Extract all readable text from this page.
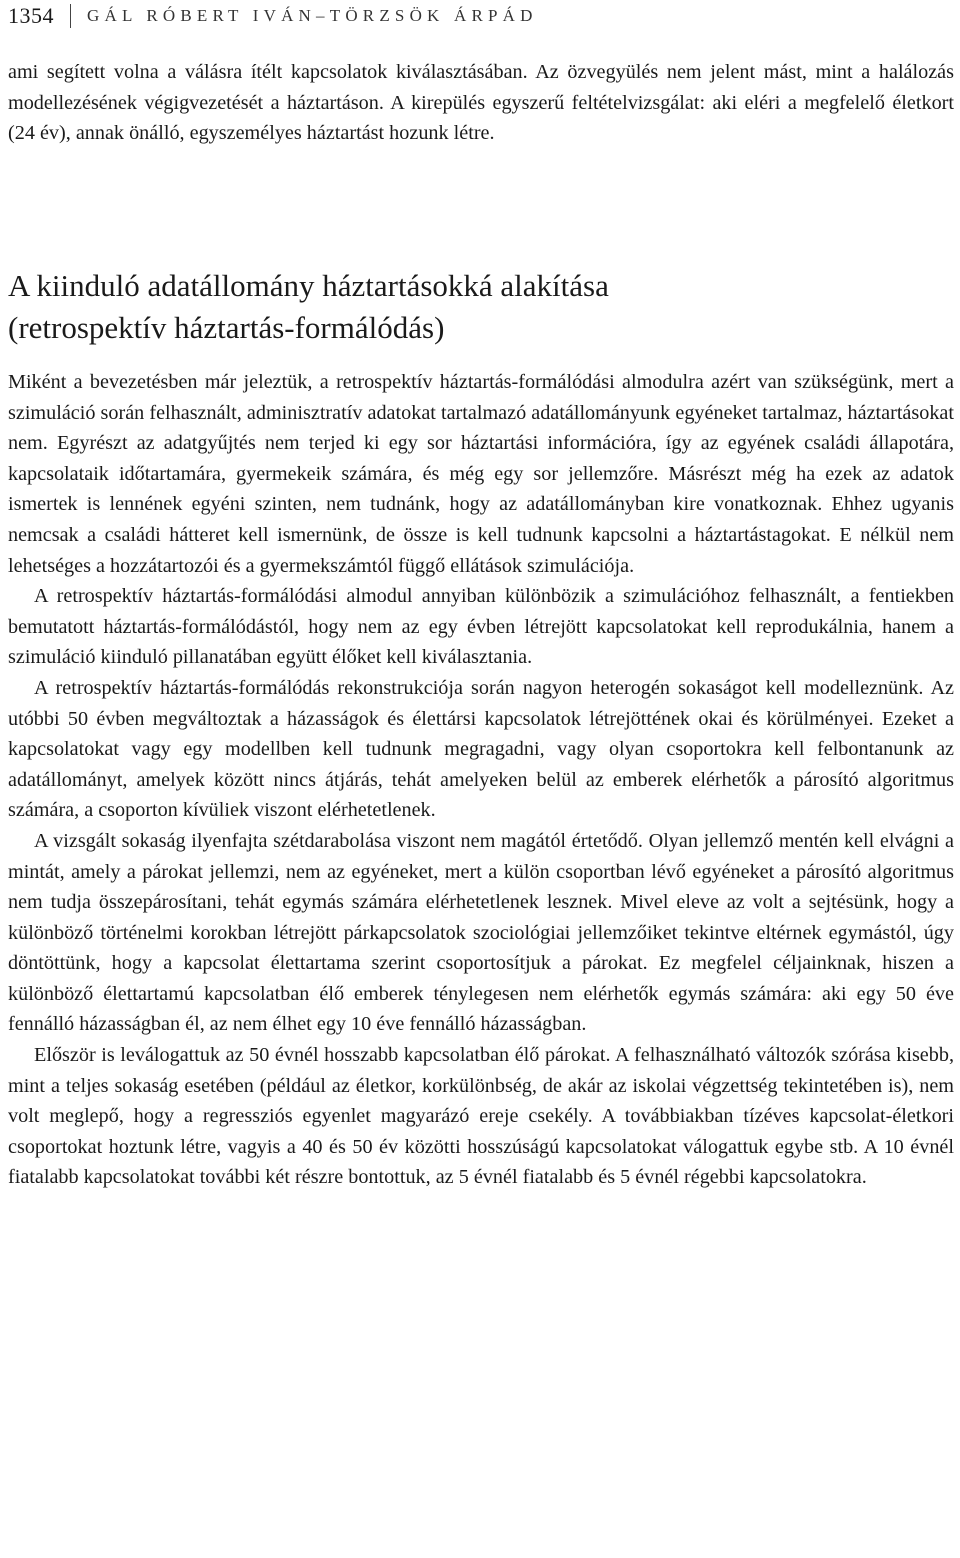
1354 GÁL RÓBERT IVÁN–TÖRZSÖK ÁRPÁD

ami segített volna a válásra ítélt kapcsolatok kiválasztásában. Az özvegyülés nem jelent mást, mint a halálozás modellezésének végigvezetését a háztartáson. A kirepülés egyszerű feltételvizsgálat: aki eléri a megfelelő életkort (24 év), annak önálló, egyszemélyes háztartást hozunk létre.

A kiinduló adatállomány háztartásokká alakítása
(retrospektív háztartás-formálódás)

Miként a bevezetésben már jeleztük, a retrospektív háztartás-formálódási almodulra azért van szükségünk, mert a szimuláció során felhasznált, adminisztratív adatokat tartalmazó adatállományunk egyéneket tartalmaz, háztartásokat nem. Egyrészt az adatgyűjtés nem terjed ki egy sor háztartási információra, így az egyének családi állapotára, kapcsolataik időtartamára, gyermekeik számára, és még egy sor jellemzőre. Másrészt még ha ezek az adatok ismertek is lennének egyéni szinten, nem tudnánk, hogy az adatállományban kire vonatkoznak. Ehhez ugyanis nemcsak a családi hátteret kell ismernünk, de össze is kell tudnunk kapcsolni a háztartástagokat. E nélkül nem lehetséges a hozzátartozói és a gyermekszámtól függő ellátások szimulációja.

A retrospektív háztartás-formálódási almodul annyiban különbözik a szimulációhoz felhasznált, a fentiekben bemutatott háztartás-formálódástól, hogy nem az egy évben létrejött kapcsolatokat kell reprodukálnia, hanem a szimuláció kiinduló pillanatában együtt élőket kell kiválasztania.

A retrospektív háztartás-formálódás rekonstrukciója során nagyon heterogén sokaságot kell modelleznünk. Az utóbbi 50 évben megváltoztak a házasságok és élettársi kapcsolatok létrejöttének okai és körülményei. Ezeket a kapcsolatokat vagy egy modellben kell tudnunk megragadni, vagy olyan csoportokra kell felbontanunk az adatállományt, amelyek között nincs átjárás, tehát amelyeken belül az emberek elérhetők a párosító algoritmus számára, a csoporton kívüliek viszont elérhetetlenek.

A vizsgált sokaság ilyenfajta szétdarabolása viszont nem magától értetődő. Olyan jellemző mentén kell elvágni a mintát, amely a párokat jellemzi, nem az egyéneket, mert a külön csoportban lévő egyéneket a párosító algoritmus nem tudja összepárosítani, tehát egymás számára elérhetetlenek lesznek. Mivel eleve az volt a sejtésünk, hogy a különböző történelmi korokban létrejött párkapcsolatok szociológiai jellemzőiket tekintve eltérnek egymástól, úgy döntöttünk, hogy a kapcsolat élettartama szerint csoportosítjuk a párokat. Ez megfelel céljainknak, hiszen a különböző élettartamú kapcsolatban élő emberek ténylegesen nem elérhetők egymás számára: aki egy 50 éve fennálló házasságban él, az nem élhet egy 10 éve fennálló házasságban.

Először is leválogattuk az 50 évnél hosszabb kapcsolatban élő párokat. A felhasználható változók szórása kisebb, mint a teljes sokaság esetében (például az életkor, korkülönbség, de akár az iskolai végzettség tekintetében is), nem volt meglepő, hogy a regressziós egyenlet magyarázó ereje csekély. A továbbiakban tízéves kapcsolat-életkori csoportokat hoztunk létre, vagyis a 40 és 50 év közötti hosszúságú kapcsolatokat válogattuk egybe stb. A 10 évnél fiatalabb kapcsolatokat további két részre bontottuk, az 5 évnél fiatalabb és 5 évnél régebbi kapcsolatokra.
